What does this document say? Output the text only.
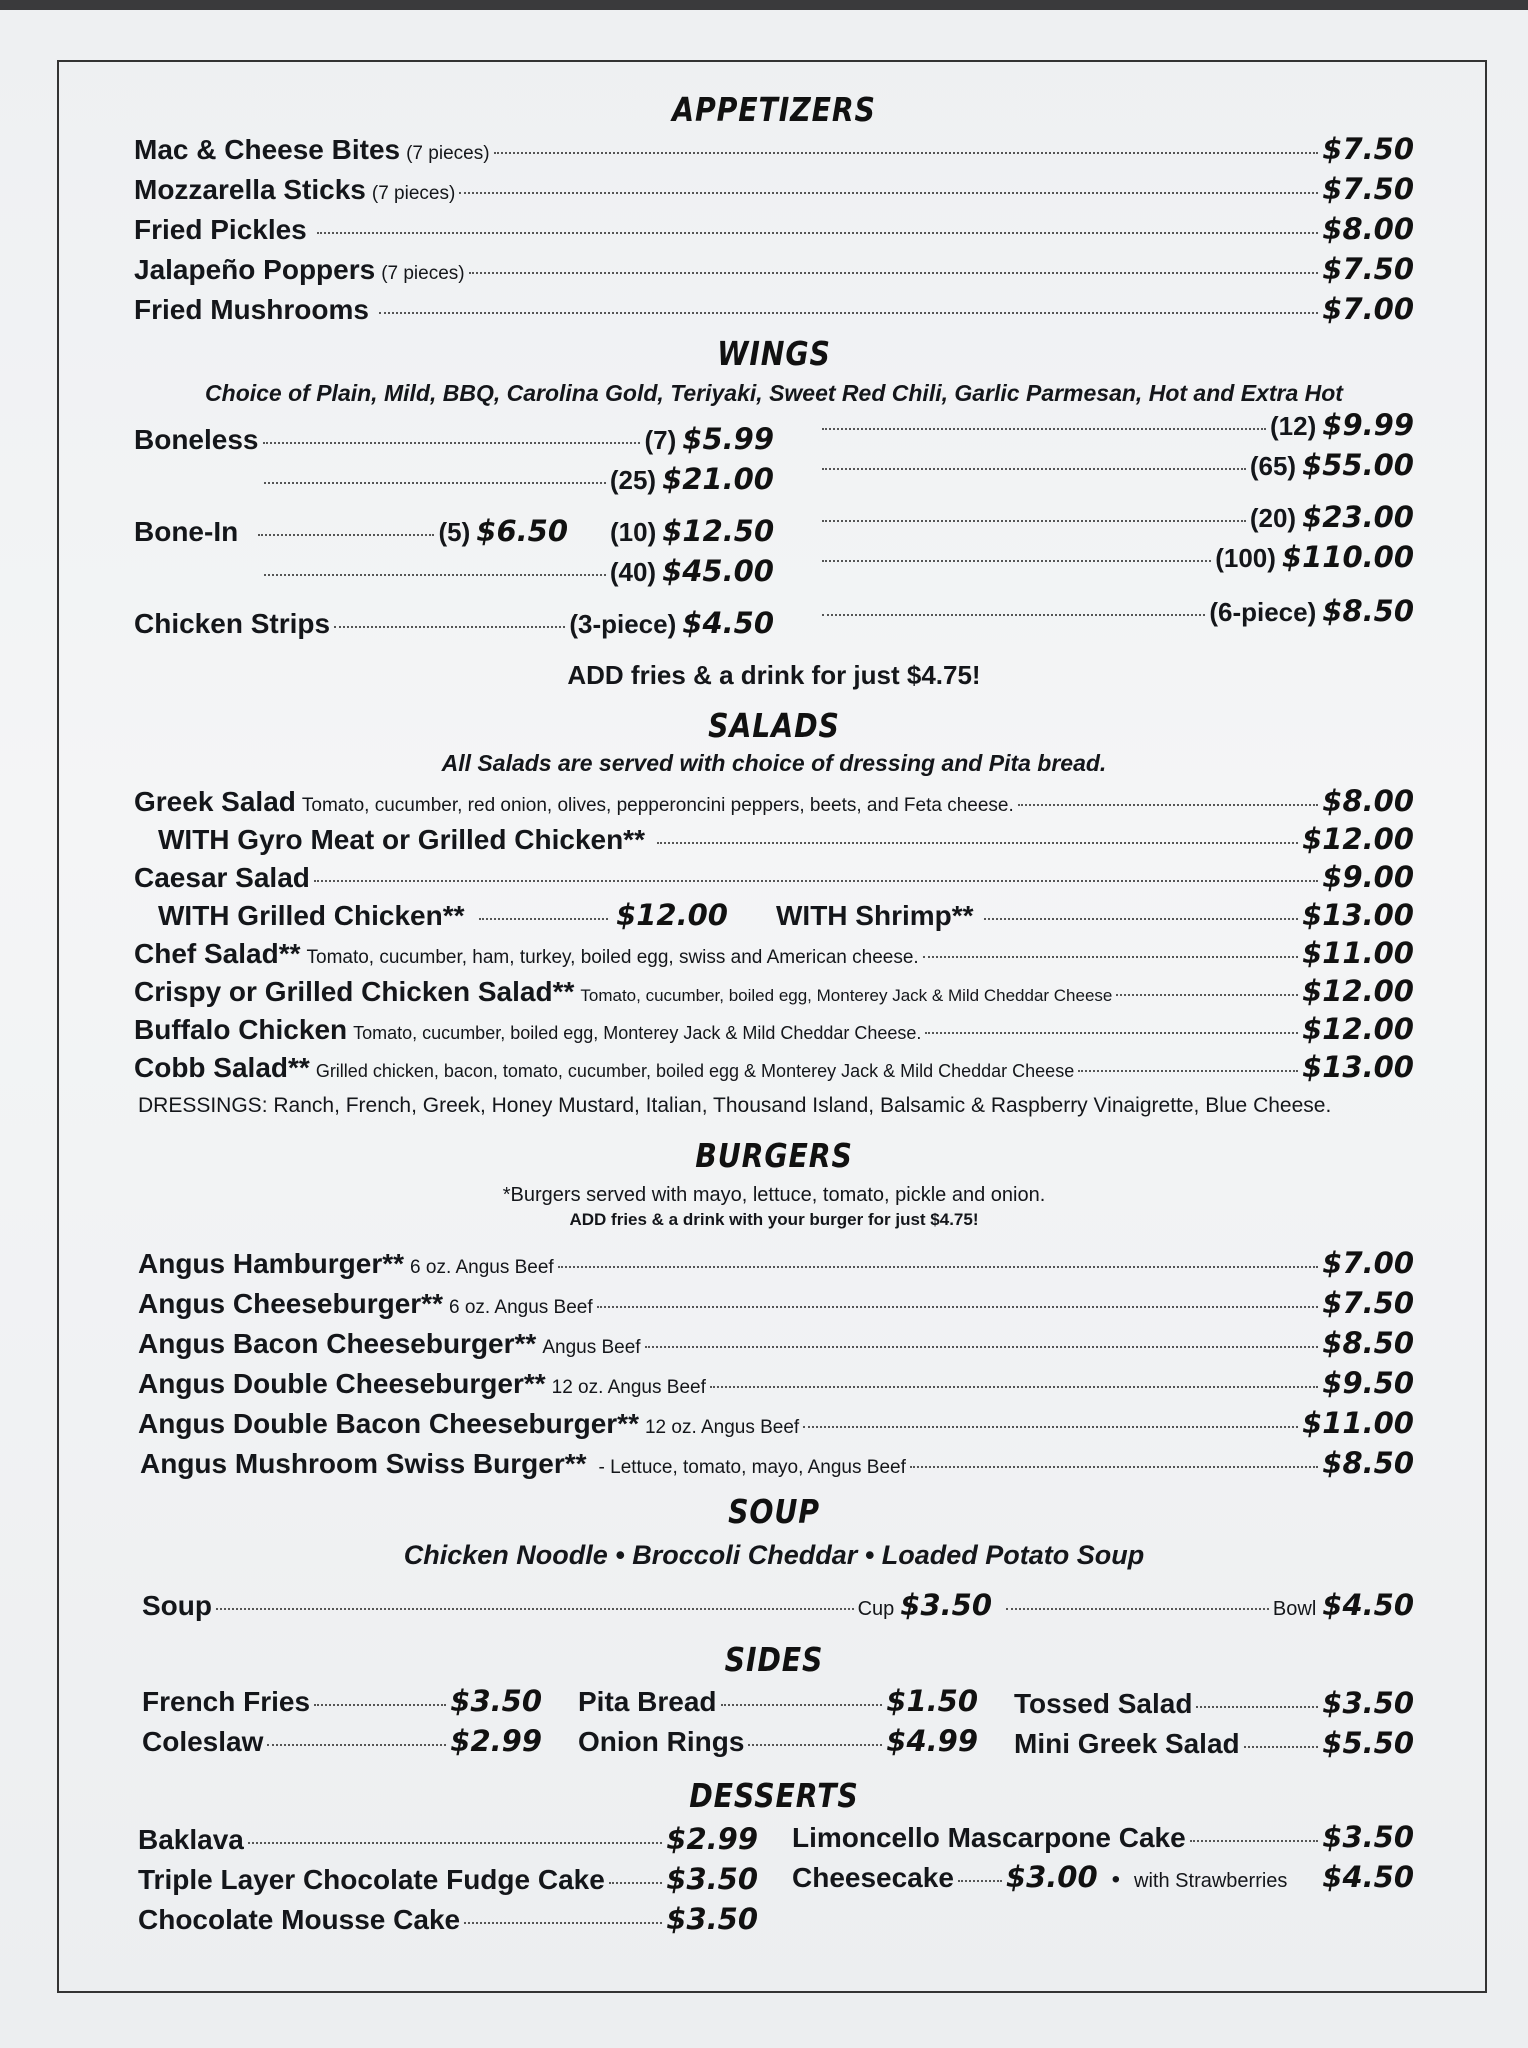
APPETIZERS
Mac & Cheese Bites (7 pieces)	$7.50
Mozzarella Sticks (7 pieces)	$7.50
Fried Pickles	$8.00
Jalapeño Poppers (7 pieces)	$7.50
Fried Mushrooms	$7.00
WINGS
Choice of Plain, Mild, BBQ, Carolina Gold, Teriyaki, Sweet Red Chili, Garlic Parmesan, Hot and Extra Hot
Boneless	(7) $5.99	(12) $9.99
(25) $21.00	(65) $55.00
Bone-In	(5) $6.50 (10) $12.50	(20) $23.00
(40) $45.00	(100) $110.00
Chicken Strips	(3-piece) $4.50	(6-piece) $8.50
ADD fries & a drink for just $4.75!
SALADS
All Salads are served with choice of dressing and Pita bread.
Greek Salad Tomato, cucumber, red onion, olives, pepperoncini peppers, beets, and Feta cheese.	$8.00
WITH Gyro Meat or Grilled Chicken**	$12.00
Caesar Salad	$9.00
WITH Grilled Chicken**	$12.00 WITH Shrimp**	$13.00
Chef Salad** Tomato, cucumber, ham, turkey, boiled egg, swiss and American cheese.	$11.00
Crispy or Grilled Chicken Salad** Tomato, cucumber, boiled egg, Monterey Jack & Mild Cheddar Cheese	$12.00
Buffalo Chicken Tomato, cucumber, boiled egg, Monterey Jack & Mild Cheddar Cheese.	$12.00
Cobb Salad** Grilled chicken, bacon, tomato, cucumber, boiled egg & Monterey Jack & Mild Cheddar Cheese	$13.00
DRESSINGS: Ranch, French, Greek, Honey Mustard, Italian, Thousand Island, Balsamic & Raspberry Vinaigrette, Blue Cheese.
BURGERS
*Burgers served with mayo, lettuce, tomato, pickle and onion.
ADD fries & a drink with your burger for just $4.75!
Angus Hamburger** 6 oz. Angus Beef	$7.00
Angus Cheeseburger** 6 oz. Angus Beef	$7.50
Angus Bacon Cheeseburger** Angus Beef	$8.50
Angus Double Cheeseburger** 12 oz. Angus Beef	$9.50
Angus Double Bacon Cheeseburger** 12 oz. Angus Beef	$11.00
Angus Mushroom Swiss Burger** - Lettuce, tomato, mayo, Angus Beef	$8.50
SOUP
Chicken Noodle • Broccoli Cheddar • Loaded Potato Soup
Soup	Cup $3.50	Bowl $4.50
SIDES
French Fries	$3.50
Coleslaw	$2.99
Pita Bread	$1.50
Onion Rings	$4.99
Tossed Salad	$3.50
Mini Greek Salad	$5.50
DESSERTS
Baklava	$2.99
Triple Layer Chocolate Fudge Cake $3.50
Chocolate Mousse Cake	$3.50
Limoncello Mascarpone Cake	$3.50
Cheesecake $3.00 • with Strawberries	$4.50
